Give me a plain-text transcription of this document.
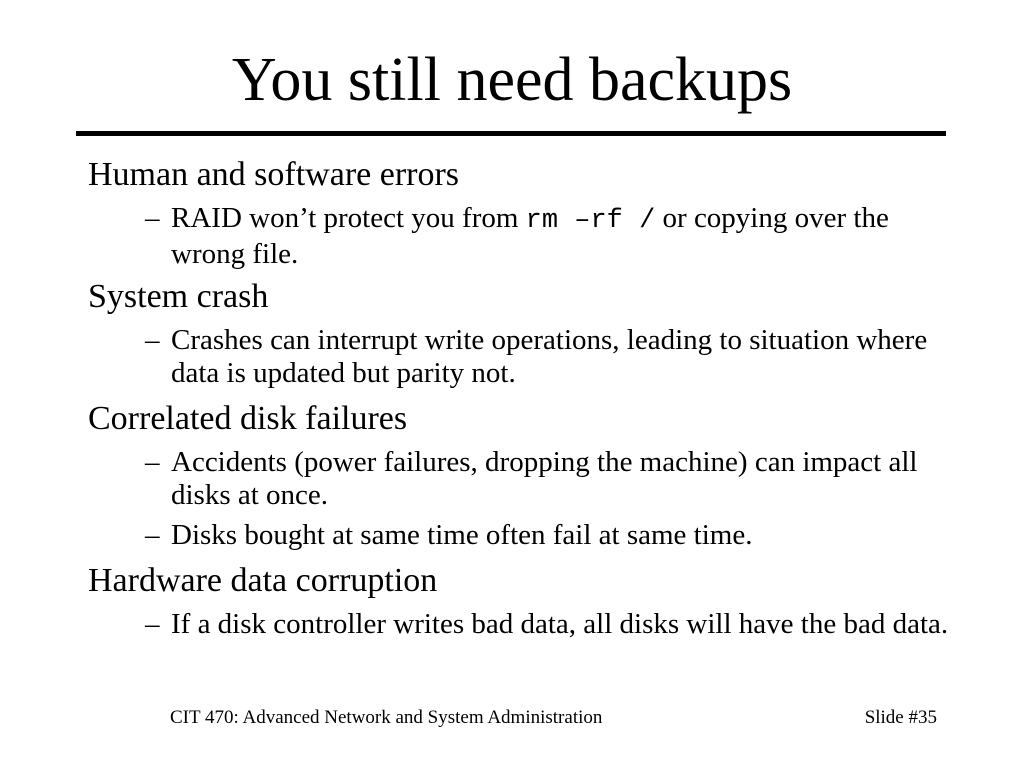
You still need backups
Human and software errors
– RAID won’t protect you from rm –rf / or copying over the wrong file.
System crash
– Crashes can interrupt write operations, leading to situation where data is updated but parity not.
Correlated disk failures
– Accidents (power failures, dropping the machine) can impact all disks at once.
– Disks bought at same time often fail at same time.
Hardware data corruption
– If a disk controller writes bad data, all disks will have the bad data.
CIT 470: Advanced Network and System Administration	Slide #35
